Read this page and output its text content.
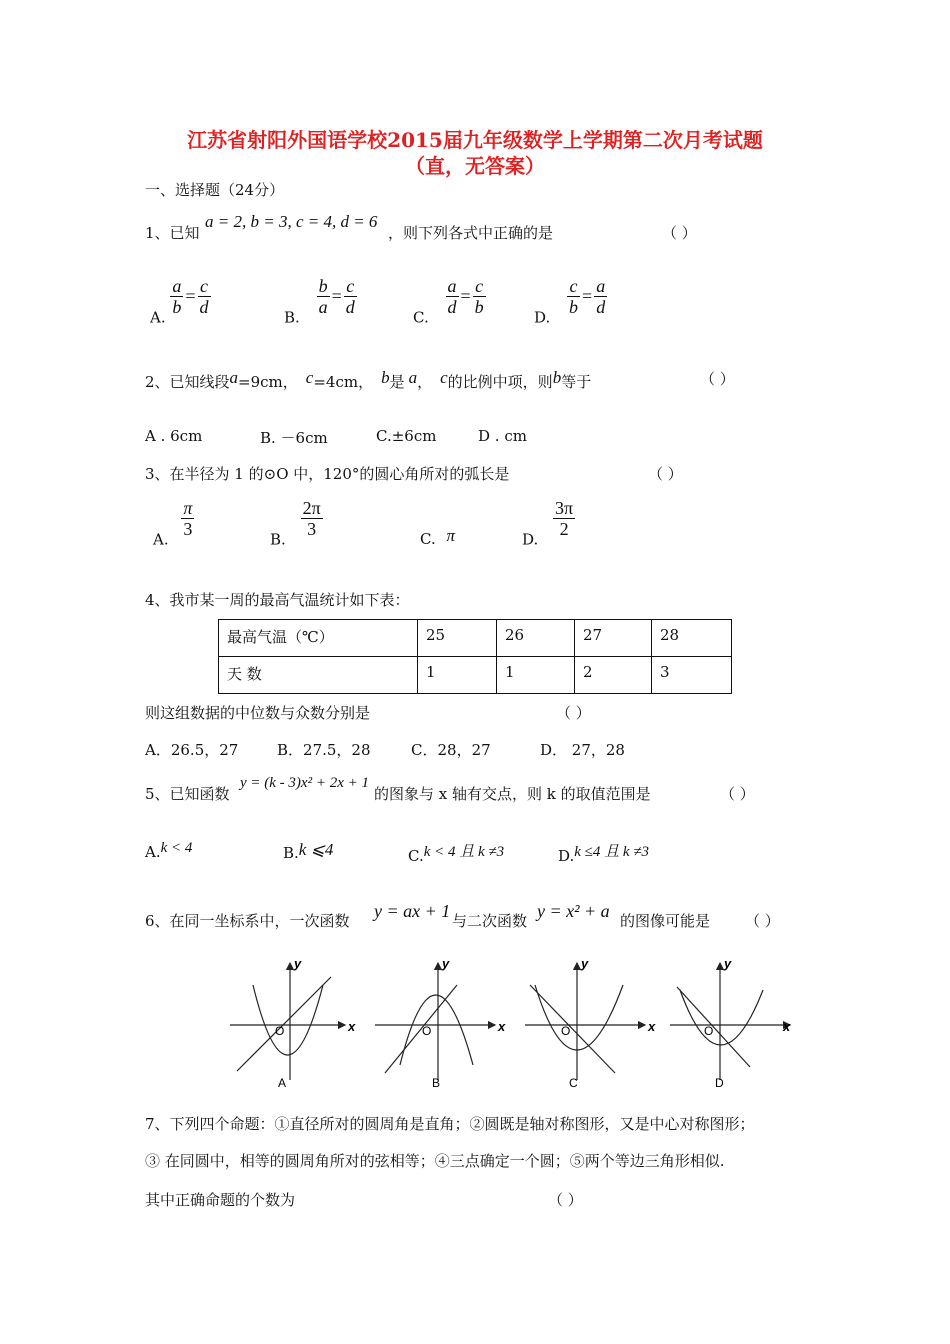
江苏省射阳外国语学校2015届九年级数学上学期第二次月考试题
（直，无答案）
一、选择题（24分）
1、已知
a = 2, b = 3, c = 4, d = 6
，则下列各式中正确的是	（ ）
A.
$\frac{a}{b} = \frac{c}{d}$
B.
$\frac{b}{a} = \frac{c}{d}$
C.
$\frac{a}{d} = \frac{c}{b}$
D.
$\frac{c}{b} = \frac{a}{d}$
2、已知线段a=9cm， c=4cm， b是 a， c的比例中项，则b等于	（ ）
A . 6cm	B. －6cm	C.±6cm	D . cm
3、在半径为 1 的⊙O 中，120°的圆心角所对的弧长是	（ ）
A.
$\frac{\pi}{3}$
B.
$\frac{2\pi}{3}$	C. π	D.
$\frac{3\pi}{2}$
4、我市某一周的最高气温统计如下表：
最高气温（℃）	25	26	27	28
天 数	1	1	2	3
则这组数据的中位数与众数分别是	（ ）
A．26.5，27	B．27.5，28	C．28，27	D． 27，28
5、已知函数
y = (k - 3)x² + 2x + 1
的图象与 x 轴有交点，则 k 的取值范围是	（ ）
A.k < 4	B.k ⩽4	C.k < 4 且 k ≠3	D.k ≤4 且 k ≠3
6、在同一坐标系中，一次函数 y = ax + 1 与二次函数 y = x² + a 的图像可能是 （ ）
x
y
O
A
x
y
O
B
x
y
O
C
x
y
O
D
7、下列四个命题：①直径所对的圆周角是直角；②圆既是轴对称图形，又是中心对称图形；
③ 在同圆中，相等的圆周角所对的弦相等；④三点确定一个圆；⑤两个等边三角形相似.
其中正确命题的个数为	（ ）
